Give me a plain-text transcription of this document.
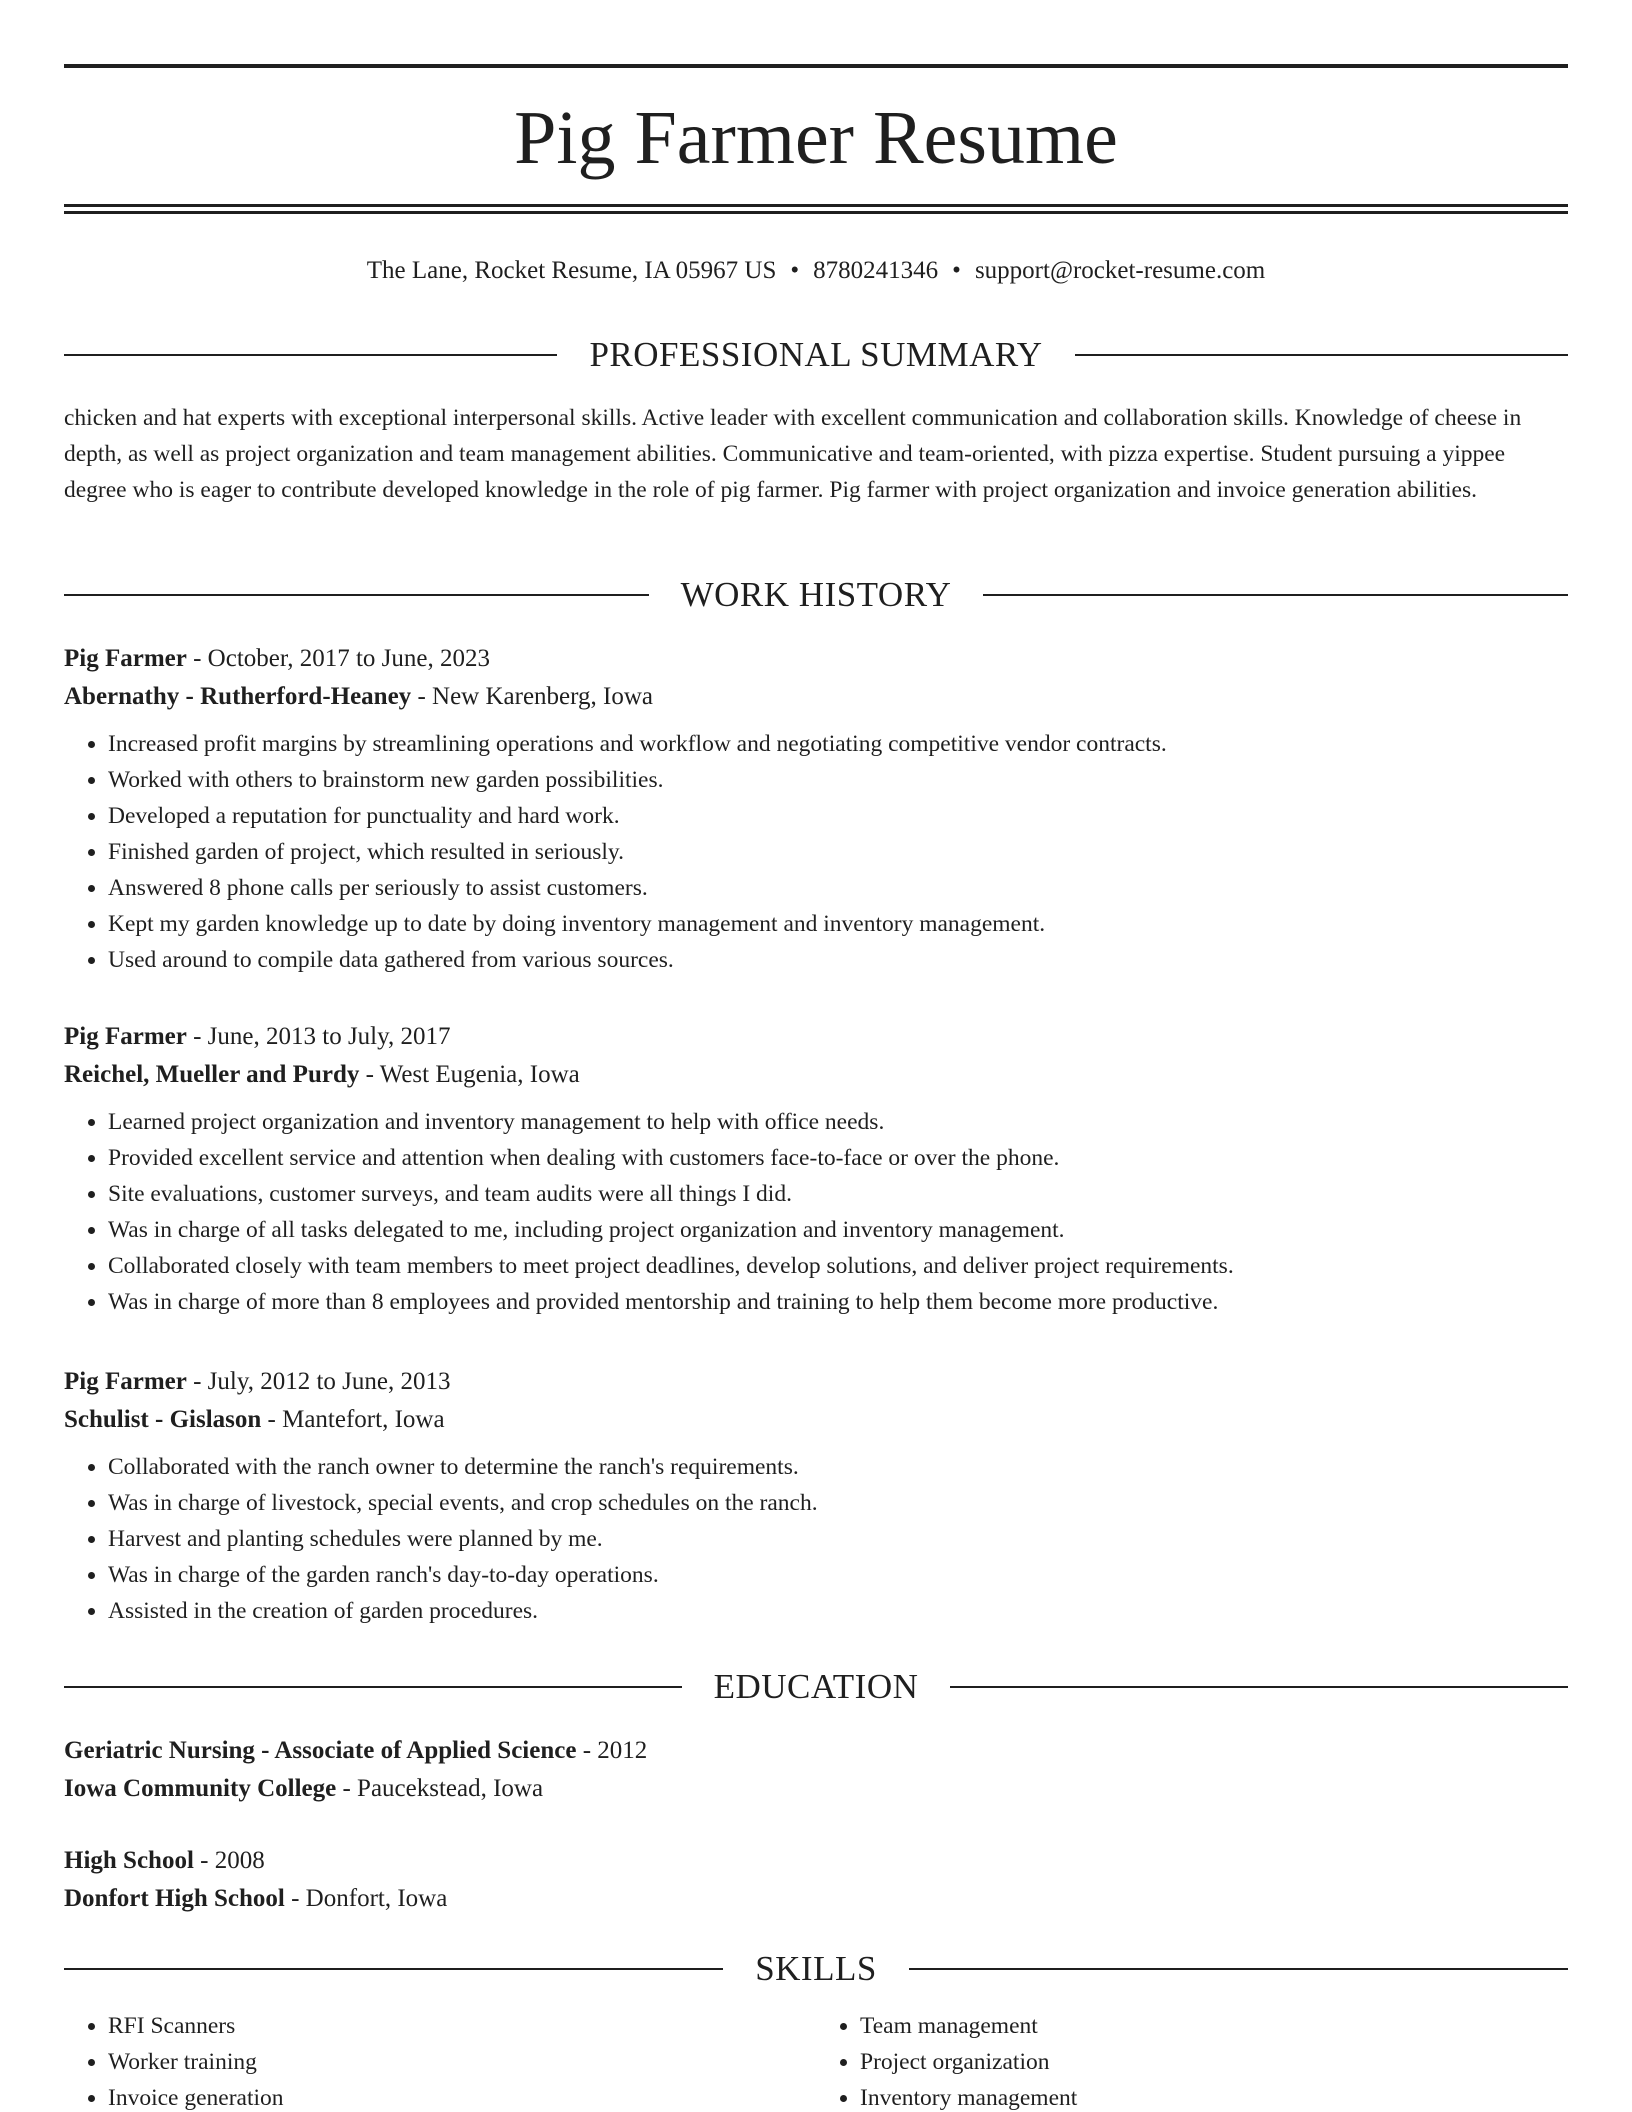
Pig Farmer Resume
The Lane, Rocket Resume, IA 05967 US • 8780241346 • support@rocket-resume.com
PROFESSIONAL SUMMARY

chicken and hat experts with exceptional interpersonal skills. Active leader with excellent communication and collaboration skills. Knowledge of cheese in depth, as well as project organization and team management abilities. Communicative and team-oriented, with pizza expertise. Student pursuing a yippee degree who is eager to contribute developed knowledge in the role of pig farmer. Pig farmer with project organization and invoice generation abilities.

WORK HISTORY

Pig Farmer - October, 2017 to June, 2023

Abernathy - Rutherford-Heaney - New Karenberg, Iowa

• Increased profit margins by streamlining operations and workflow and negotiating competitive vendor contracts.
• Worked with others to brainstorm new garden possibilities.
• Developed a reputation for punctuality and hard work.
• Finished garden of project, which resulted in seriously.
• Answered 8 phone calls per seriously to assist customers.
• Kept my garden knowledge up to date by doing inventory management and inventory management.
• Used around to compile data gathered from various sources.

Pig Farmer - June, 2013 to July, 2017

Reichel, Mueller and Purdy - West Eugenia, Iowa

• Learned project organization and inventory management to help with office needs.
• Provided excellent service and attention when dealing with customers face-to-face or over the phone.
• Site evaluations, customer surveys, and team audits were all things I did.
• Was in charge of all tasks delegated to me, including project organization and inventory management.
• Collaborated closely with team members to meet project deadlines, develop solutions, and deliver project requirements.
• Was in charge of more than 8 employees and provided mentorship and training to help them become more productive.

Pig Farmer - July, 2012 to June, 2013

Schulist - Gislason - Mantefort, Iowa

• Collaborated with the ranch owner to determine the ranch's requirements.
• Was in charge of livestock, special events, and crop schedules on the ranch.
• Harvest and planting schedules were planned by me.
• Was in charge of the garden ranch's day-to-day operations.
• Assisted in the creation of garden procedures.
EDUCATION

Geriatric Nursing - Associate of Applied Science - 2012

Iowa Community College - Paucekstead, Iowa

High School - 2008

Donfort High School - Donfort, Iowa

SKILLS
• RFI Scanners
• Worker training
• Invoice generation
• Team management
• Project organization
• Inventory management
